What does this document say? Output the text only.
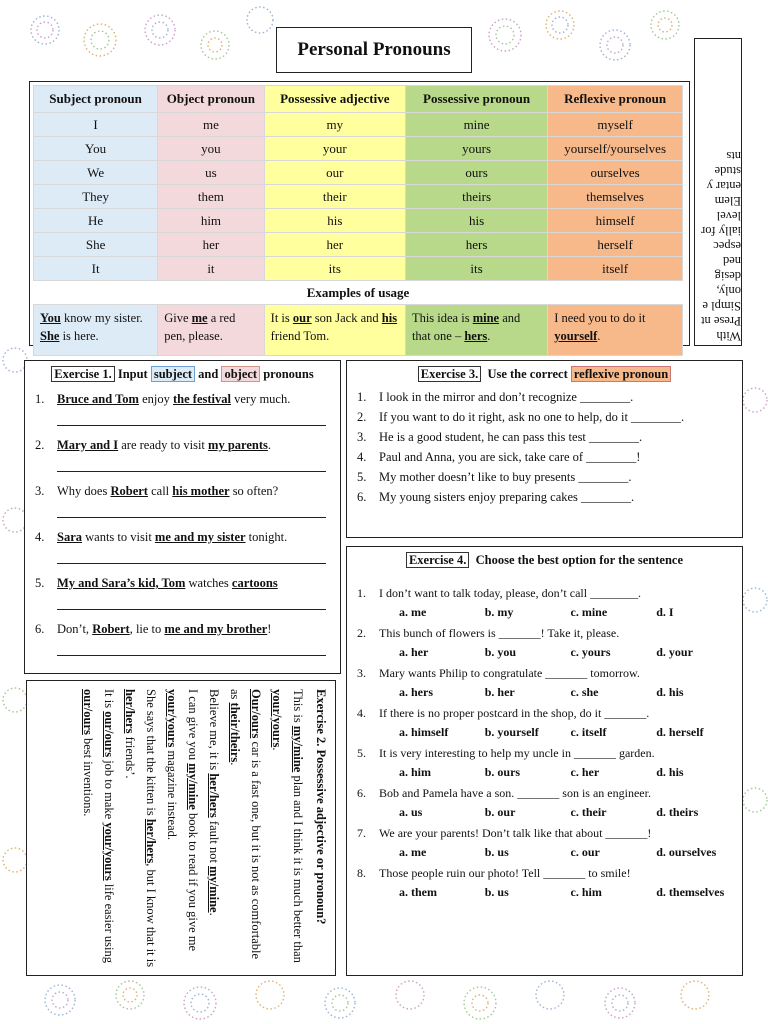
Personal Pronouns
With Prese nt Simpl e only, desig ned espec ially for level Elem entar y stude nts
Subject pronoun	Object pronoun	Possessive adjective	Possessive pronoun	Reflexive pronoun
I	me	my	mine	myself
You	you	your	yours	yourself/yourselves
We	us	our	ours	ourselves
They	them	their	theirs	themselves
He	him	his	his	himself
She	her	her	hers	herself
It	it	its	its	itself
Examples of usage				
You know my sister. She is here.	Give me a red pen, please.	It is our son Jack and his friend Tom.	This idea is mine and that one – hers.	I need you to do it yourself.
Exercise 1. Input subject and object pronouns
1. Bruce and Tom enjoy the festival very much.
2. Mary and I are ready to visit my parents.
3. Why does Robert call his mother so often?
4. Sara wants to visit me and my sister tonight.
5. My and Sara’s kid, Tom watches cartoons
6. Don’t, Robert, lie to me and my brother!
Exercise 3. Use the correct reflexive pronoun
1. I look in the mirror and don’t recognize ________.
2. If you want to do it right, ask no one to help, do it ________.
3. He is a good student, he can pass this test ________.
4. Paul and Anna, you are sick, take care of ________!
5. My mother doesn’t like to buy presents ________.
6. My young sisters enjoy preparing cakes ________.
Exercise 4. Choose the best option for the sentence
1. I don’t want to talk today, please, don’t call ________.
a. me	b. my	c. mine	d. I
2. This bunch of flowers is _______! Take it, please.
a. her	b. you	c. yours	d. your
3. Mary wants Philip to congratulate _______ tomorrow.
a. hers	b. her	c. she	d. his
4. If there is no proper postcard in the shop, do it _______.
a. himself	b. yourself	c. itself	d. herself
5. It is very interesting to help my uncle in _______ garden.
a. him	b. ours	c. her	d. his
6. Bob and Pamela have a son. _______ son is an engineer.
a. us	b. our	c. their	d. theirs
7. We are your parents! Don’t talk like that about _______!
a. me	b. us	c. our	d. ourselves
8. Those people ruin our photo! Tell _______ to smile!
a. them	b. us	c. him	d. themselves
Exercise 2. Possessive adjective or pronoun?
This is my/mine plan and I think it is much better than your/yours.
Our/ours car is a fast one, but it is not as comfortable as their/theirs.
Believe me, it is her/hers fault not my/mine.
I can give you my/mine book to read if you give me your/yours magazine instead.
She says that the kitten is her/hers, but I know that it is her/hers friends’.
It is our/ours job to make your/yours life easier using our/ours best inventions.
